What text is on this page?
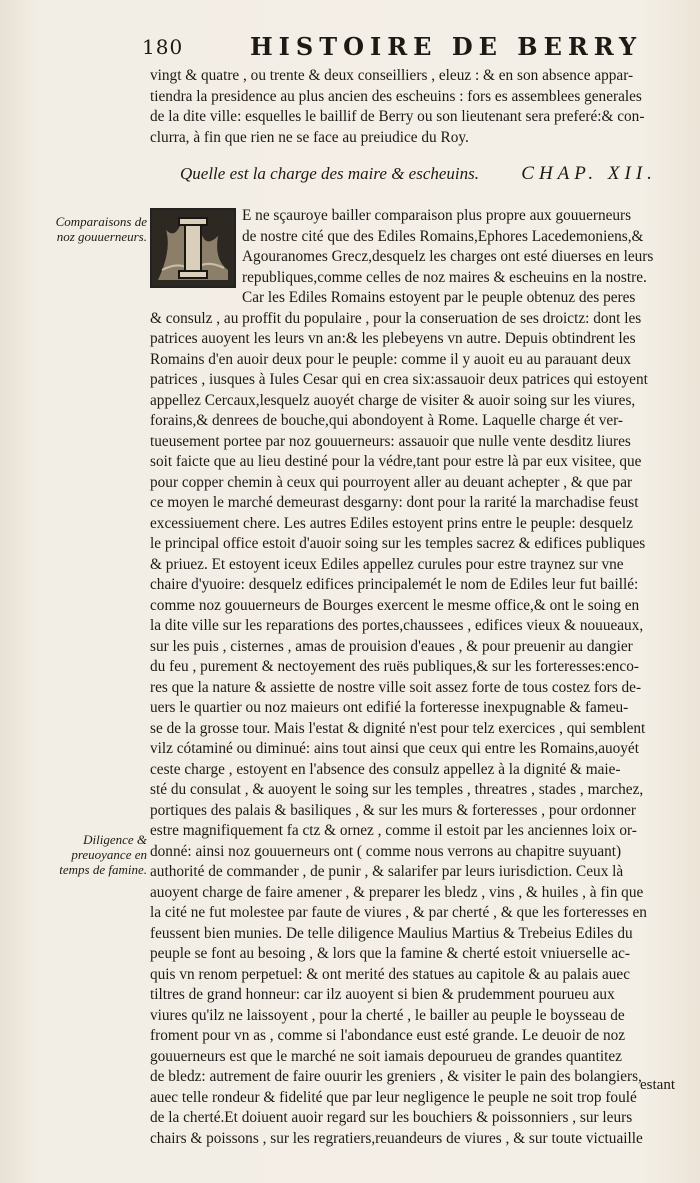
180	HISTOIRE DE BERRY
vingt & quatre , ou trente & deux conseilliers , eleuz : & en son absence appar-
tiendra la presidence au plus ancien des escheuins : fors es assemblees generales
de la dite ville: esquelles le baillif de Berry ou son lieutenant sera preferé:& con-
clurra, à fin que rien ne se face au preiudice du Roy.
Quelle est la charge des maire & escheuins. CHAP. XII.
E ne sçauroye bailler comparaison plus propre aux gouuerneurs
de nostre cité que des Ediles Romains,Ephores Lacedemoniens,&
Agouranomes Grecz,desquelz les charges ont esté diuerses en leurs
republiques,comme celles de noz maires & escheuins en la nostre.
Car les Ediles Romains estoyent par le peuple obtenuz des peres
& consulz , au proffit du populaire , pour la conseruation de ses droictz: dont les
patrices auoyent les leurs vn an:& les plebeyens vn autre. Depuis obtindrent les
Romains d'en auoir deux pour le peuple: comme il y auoit eu au parauant deux
patrices , iusques à Iules Cesar qui en crea six:assauoir deux patrices qui estoyent
appellez Cercaux,lesquelz auoyét charge de visiter & auoir soing sur les viures,
forains,& denrees de bouche,qui abondoyent à Rome. Laquelle charge ét ver-
tueusement portee par noz gouuerneurs: assauoir que nulle vente desditz liures
soit faicte que au lieu destiné pour la védre,tant pour estre là par eux visitee, que
pour copper chemin à ceux qui pourroyent aller au deuant achepter , & que par
ce moyen le marché demeurast desgarny: dont pour la rarité la marchadise feust
excessiuement chere. Les autres Ediles estoyent prins entre le peuple: desquelz
le principal office estoit d'auoir soing sur les temples sacrez & edifices publiques
& priuez. Et estoyent iceux Ediles appellez curules pour estre traynez sur vne
chaire d'yuoire: desquelz edifices principalemét le nom de Ediles leur fut baillé:
comme noz gouuerneurs de Bourges exercent le mesme office,& ont le soing en
la dite ville sur les reparations des portes,chaussees , edifices vieux & nouueaux,
sur les puis , cisternes , amas de prouision d'eaues , & pour preuenir au dangier
du feu , purement & nectoyement des ruës publiques,& sur les forteresses:enco-
res que la nature & assiette de nostre ville soit assez forte de tous costez fors de-
uers le quartier ou noz maieurs ont edifié la forteresse inexpugnable & fameu-
se de la grosse tour. Mais l'estat & dignité n'est pour telz exercices , qui semblent
vilz cótaminé ou diminué: ains tout ainsi que ceux qui entre les Romains,auoyét
ceste charge , estoyent en l'absence des consulz appellez à la dignité & maie-
sté du consulat , & auoyent le soing sur les temples , threatres , stades , marchez,
portiques des palais & basiliques , & sur les murs & forteresses , pour ordonner
estre magnifiquement fa ctz & ornez , comme il estoit par les anciennes loix or-
donné: ainsi noz gouuerneurs ont ( comme nous verrons au chapitre suyuant)
authorité de commander , de punir , & salarifer par leurs iurisdiction. Ceux là
auoyent charge de faire amener , & preparer les bledz , vins , & huiles , à fin que
la cité ne fut molestee par faute de viures , & par cherté , & que les forteresses en
feussent bien munies. De telle diligence Maulius Martius & Trebeius Ediles du
peuple se font au besoing , & lors que la famine & cherté estoit vniuerselle ac-
quis vn renom perpetuel: & ont merité des statues au capitole & au palais auec
tiltres de grand honneur: car ilz auoyent si bien & prudemment pourueu aux
viures qu'ilz ne laissoyent , pour la cherté , le bailler au peuple le boysseau de
froment pour vn as , comme si l'abondance eust esté grande. Le deuoir de noz
gouuerneurs est que le marché ne soit iamais depourueu de grandes quantitez
de bledz: autrement de faire ouurir les greniers , & visiter le pain des bolangiers,
auec telle rondeur & fidelité que par leur negligence le peuple ne soit trop foulé
de la cherté.Et doiuent auoir regard sur les bouchiers & poissonniers , sur leurs
chairs & poissons , sur les regratiers,reuandeurs de viures , & sur toute victuaille
Comparaisons de noz gouuerneurs.
Diligence & preuoyance en temps de famine.
estant
